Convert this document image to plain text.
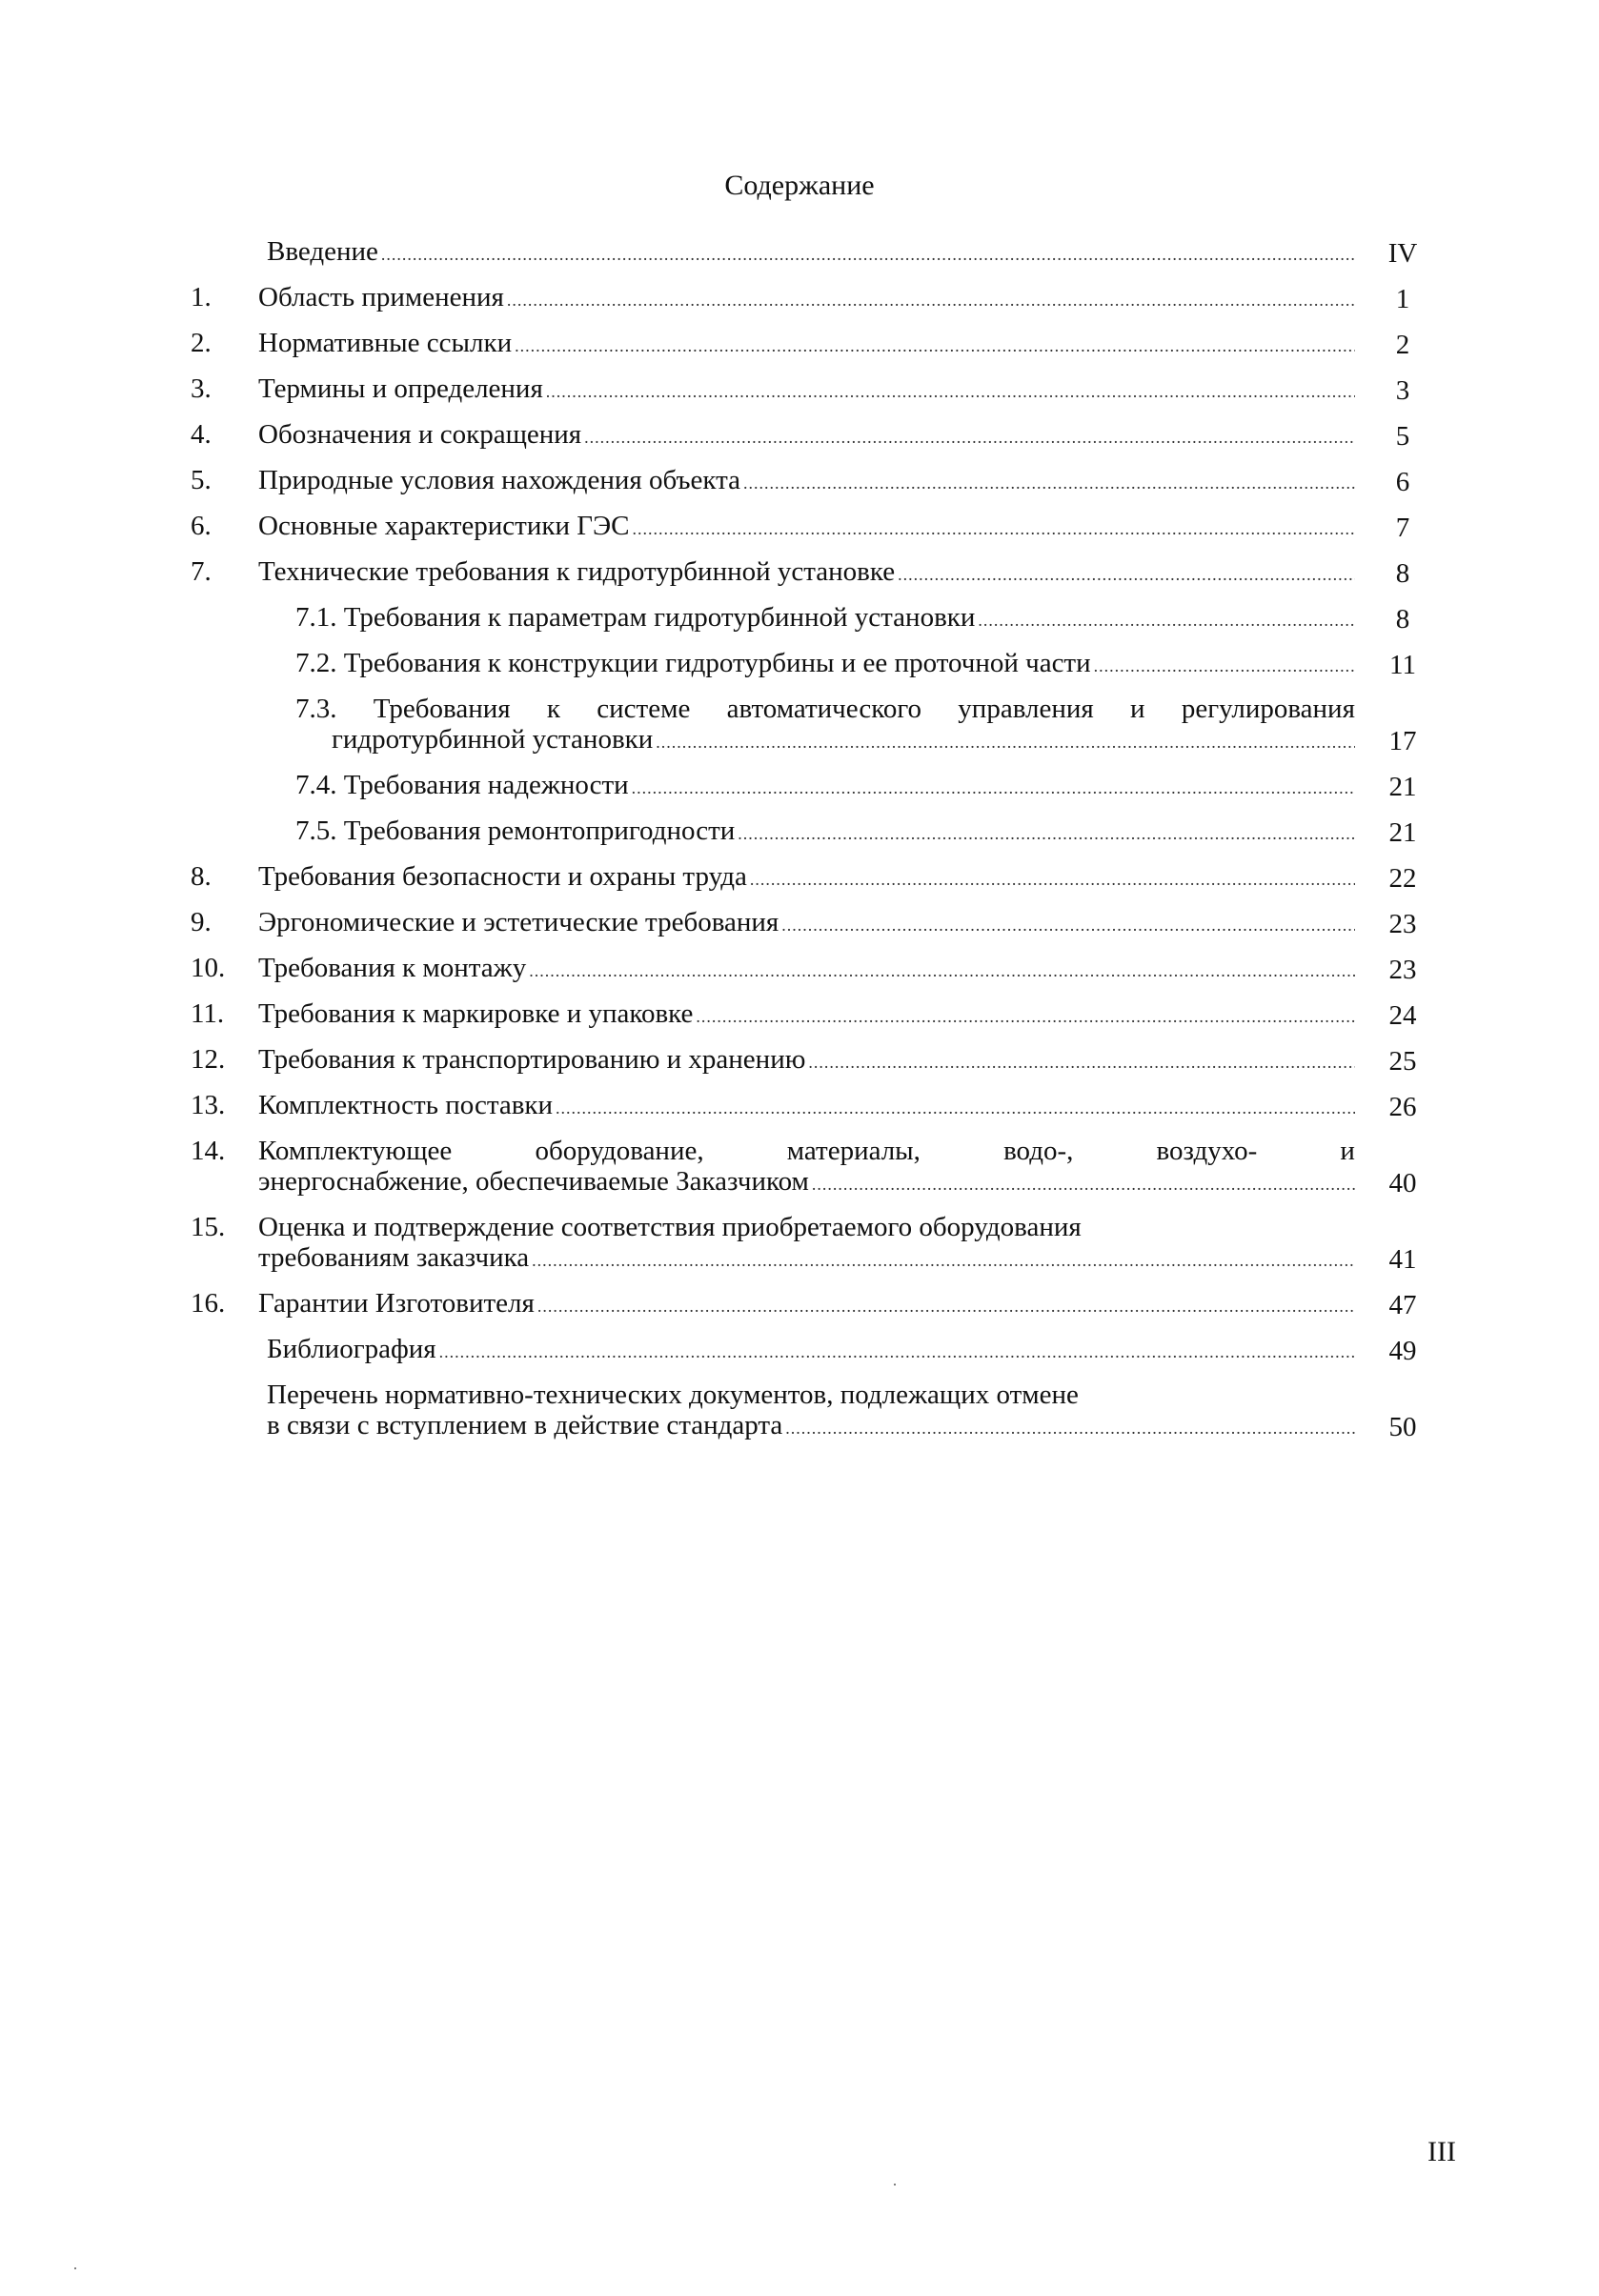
Содержание
Введение .....	IV
1. Область применения .....	1
2. Нормативные ссылки .....	2
3. Термины и определения .....	3
4. Обозначения и сокращения .....	5
5. Природные условия нахождения объекта .....	6
6. Основные характеристики ГЭС .....	7
7. Технические требования к гидротурбинной установке .....	8
7.1. Требования к параметрам гидротурбинной установки .....	8
7.2. Требования к конструкции гидротурбины и ее проточной части .....	11
7.3. Требования к системе автоматического управления и регулирования
гидротурбинной установки .....	17
7.4. Требования надежности .....	21
7.5. Требования ремонтопригодности .....	21
8. Требования безопасности и охраны труда .....	22
9. Эргономические и эстетические требования .....	23
10. Требования к монтажу .....	23
11. Требования к маркировке и упаковке .....	24
12. Требования к транспортированию и хранению .....	25
13. Комплектность поставки .....	26
14. Комплектующее	оборудование,	материалы,	водо-,	воздухо-	и
энергоснабжение, обеспечиваемые Заказчиком .....	40
15. Оценка и подтверждение соответствия приобретаемого оборудования
требованиям заказчика .....	41
16. Гарантии Изготовителя .....	47
Библиография .....	49
Перечень нормативно-технических документов, подлежащих отмене
в связи с вступлением в действие стандарта .....	50
III
